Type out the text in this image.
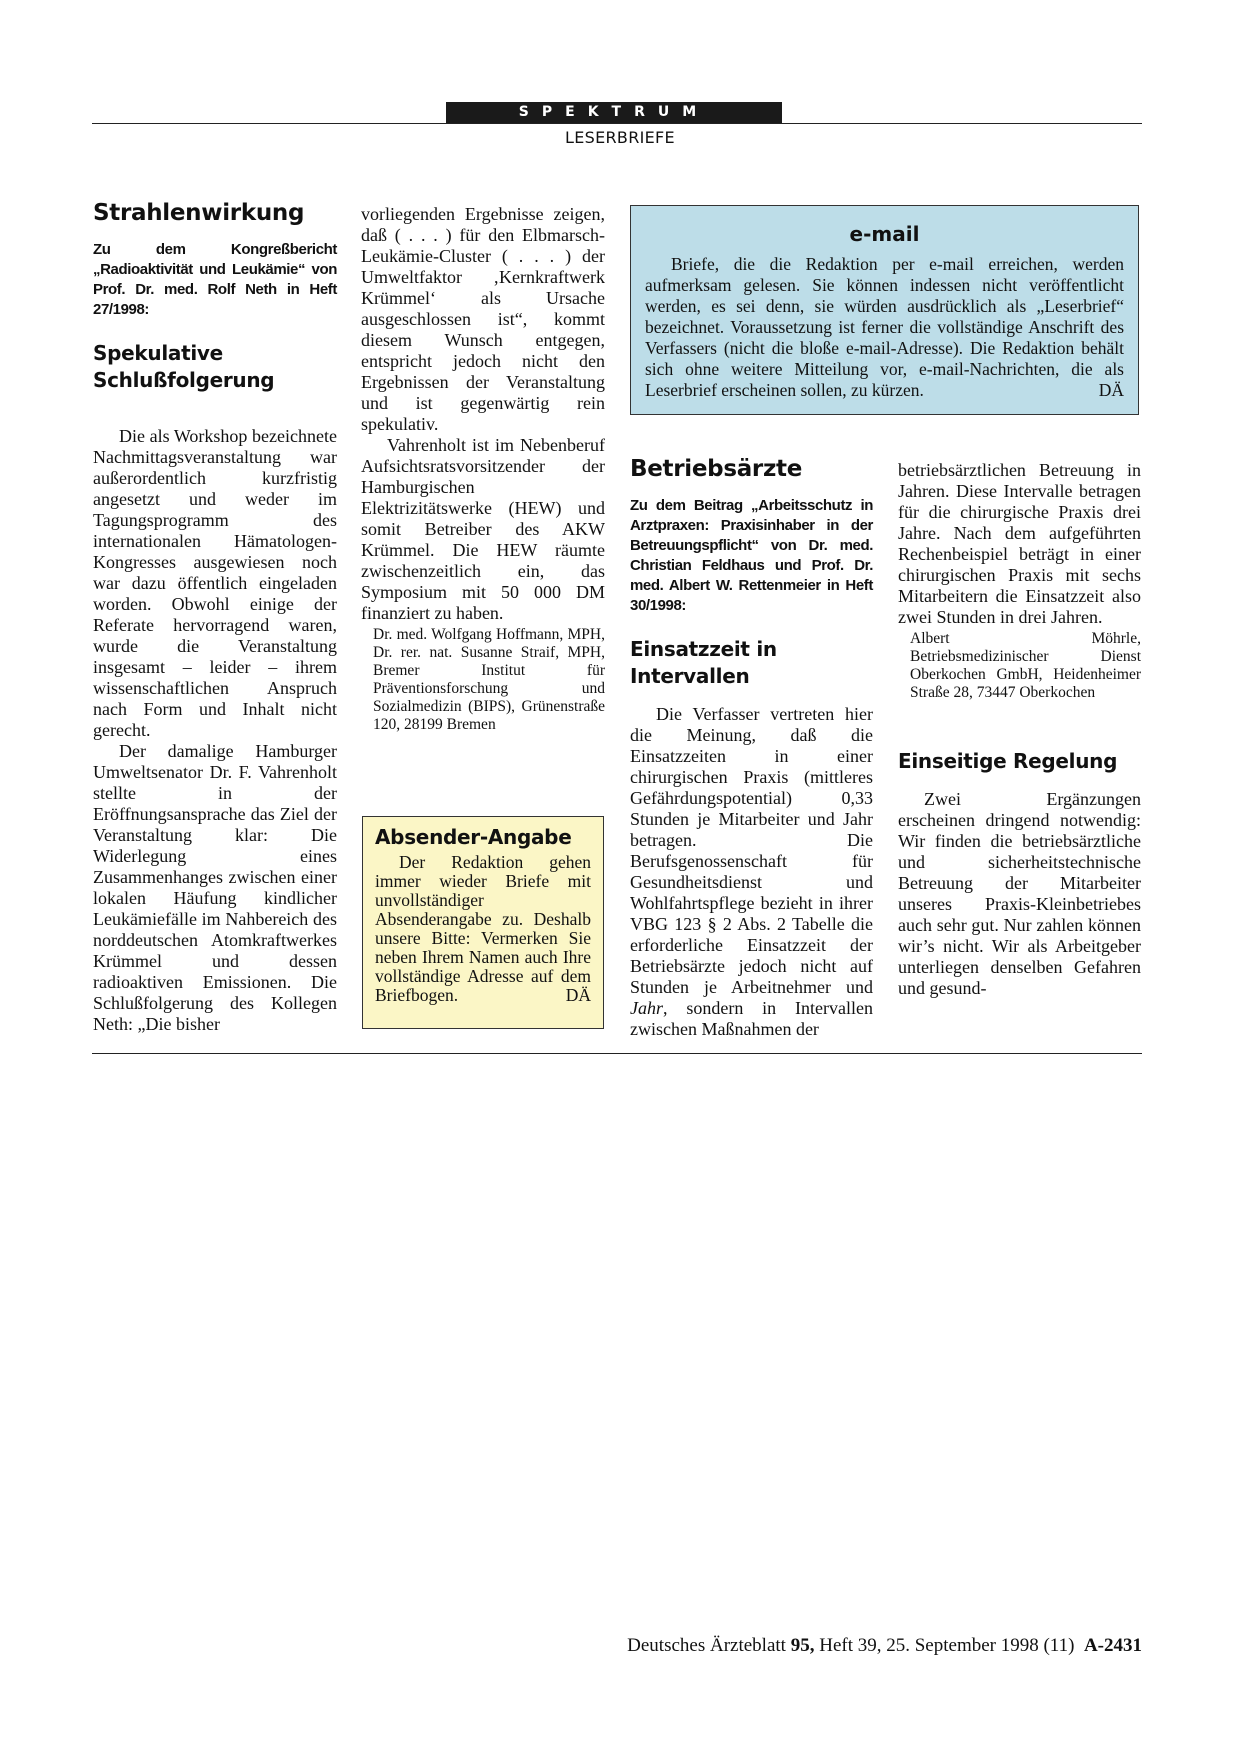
SPEKTRUM
LESERBRIEFE
Strahlenwirkung

Zu dem Kongreßbericht „Radioaktivität und Leukämie“ von Prof. Dr. med. Rolf Neth in Heft 27/1998:

Spekulative Schlußfolgerung

Die als Workshop bezeichnete Nachmittagsveranstaltung war außerordentlich kurzfristig angesetzt und weder im Tagungsprogramm des internationalen Hämatologen-Kongresses ausgewiesen noch war dazu öffentlich eingeladen worden. Obwohl einige der Referate hervorragend waren, wurde die Veranstaltung insgesamt – leider – ihrem wissenschaftlichen Anspruch nach Form und Inhalt nicht gerecht.

Der damalige Hamburger Umweltsenator Dr. F. Vahrenholt stellte in der Eröffnungsansprache das Ziel der Veranstaltung klar: Die Widerlegung eines Zusammenhanges zwischen einer lokalen Häufung kindlicher Leukämiefälle im Nahbereich des norddeutschen Atomkraftwerkes Krümmel und dessen radioaktiven Emissionen. Die Schlußfolgerung des Kollegen Neth: „Die bisher

vorliegenden Ergebnisse zeigen, daß ( . . . ) für den Elbmarsch-Leukämie-Cluster ( . . . ) der Umweltfaktor ‚Kernkraftwerk Krümmel‘ als Ursache ausgeschlossen ist“, kommt diesem Wunsch entgegen, entspricht jedoch nicht den Ergebnissen der Veranstaltung und ist gegenwärtig rein spekulativ.

Vahrenholt ist im Nebenberuf Aufsichtsratsvorsitzender der Hamburgischen Elektrizitätswerke (HEW) und somit Betreiber des AKW Krümmel. Die HEW räumte zwischenzeitlich ein, das Symposium mit 50 000 DM finanziert zu haben.

Dr. med. Wolfgang Hoffmann, MPH, Dr. rer. nat. Susanne Straif, MPH, Bremer Institut für Präventionsforschung und Sozialmedizin (BIPS), Grünenstraße 120, 28199 Bremen

e-mail
Briefe, die die Redaktion per e-mail erreichen, werden aufmerksam gelesen. Sie können indessen nicht veröffentlicht werden, es sei denn, sie würden ausdrücklich als „Leserbrief“ bezeichnet. Voraussetzung ist ferner die vollständige Anschrift des Verfassers (nicht die bloße e-mail-Adresse). Die Redaktion behält sich ohne weitere Mitteilung vor, e-mail-Nachrichten, die als Leserbrief erscheinen sollen, zu kürzen.	DÄ
Absender-Angabe
Der Redaktion gehen immer wieder Briefe mit unvollständiger Absenderangabe zu. Deshalb unsere Bitte: Vermerken Sie neben Ihrem Namen auch Ihre vollständige Adresse auf dem Briefbogen.	DÄ
Betriebsärzte

Zu dem Beitrag „Arbeitsschutz in Arztpraxen: Praxisinhaber in der Betreuungspflicht“ von Dr. med. Christian Feldhaus und Prof. Dr. med. Albert W. Rettenmeier in Heft 30/1998:

Einsatzzeit in Intervallen

Die Verfasser vertreten hier die Meinung, daß die Einsatzzeiten in einer chirurgischen Praxis (mittleres Gefährdungspotential) 0,33 Stunden je Mitarbeiter und Jahr betragen. Die Berufsgenossenschaft für Gesundheitsdienst und Wohlfahrtspflege bezieht in ihrer VBG 123 § 2 Abs. 2 Tabelle die erforderliche Einsatzzeit der Betriebsärzte jedoch nicht auf Stunden je Arbeitnehmer und Jahr, sondern in Intervallen zwischen Maßnahmen der

betriebsärztlichen Betreuung in Jahren. Diese Intervalle betragen für die chirurgische Praxis drei Jahre. Nach dem aufgeführten Rechenbeispiel beträgt in einer chirurgischen Praxis mit sechs Mitarbeitern die Einsatzzeit also zwei Stunden in drei Jahren.

Albert Möhrle, Betriebsmedizinischer Dienst Oberkochen GmbH, Heidenheimer Straße 28, 73447 Oberkochen

Einseitige Regelung

Zwei Ergänzungen erscheinen dringend notwendig: Wir finden die betriebsärztliche und sicherheitstechnische Betreuung der Mitarbeiter unseres Praxis-Kleinbetriebes auch sehr gut. Nur zahlen können wir’s nicht. Wir als Arbeitgeber unterliegen denselben Gefahren und gesund-

Deutsches Ärzteblatt 95, Heft 39, 25. September 1998 (11) A-2431
